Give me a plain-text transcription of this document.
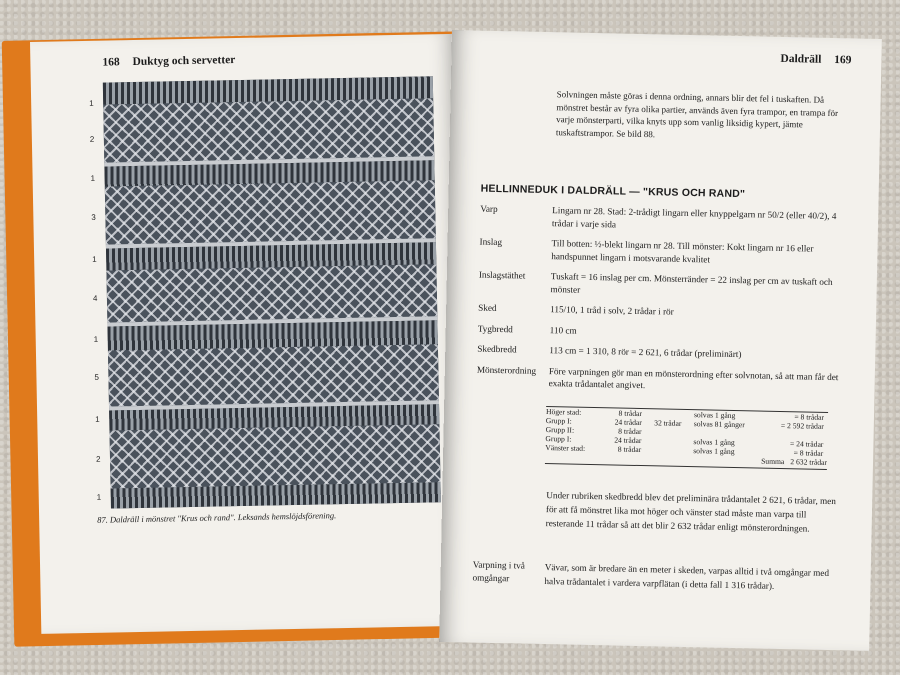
168 Duktyg och servetter
1
2
1
3
1
4
1
5
1
2
1
87. Daldräll i mönstret "Krus och rand". Leksands hemslöjdsförening.
Daldräll 169
Solvningen måste göras i denna ordning, annars blir det fel i tuskaften. Då mönstret består av fyra olika partier, används även fyra trampor, en trampa för varje mönsterparti, vilka knyts upp som vanlig liksidig kypert, jämte tuskaftstrampor. Se bild 88.
HELLINNEDUK I DALDRÄLL — "KRUS OCH RAND"
Varp	Lingarn nr 28. Stad: 2-trådigt lingarn eller knyppelgarn nr 50/2 (eller 40/2), 4 trådar i varje sida
Inslag	Till botten: ½-blekt lingarn nr 28. Till mönster: Kokt lingarn nr 16 eller handspunnet lingarn i motsvarande kvalitet
Inslagstäthet	Tuskaft = 16 inslag per cm. Mönsterränder = 22 inslag per cm av tuskaft och mönster
Sked	115/10, 1 tråd i solv, 2 trådar i rör
Tygbredd	110 cm
Skedbredd	113 cm = 1 310, 8 rör = 2 621, 6 trådar (preliminärt)
Mönsterordning	Före varpningen gör man en mönsterordning efter solvnotan, så att man får det exakta trådantalet angivet.
Höger stad:	8 trådar	solvas 1 gång	= 8 trådar
Grupp I:	24 trådar	32 trådar	solvas 81 gånger	= 2 592 trådar
Grupp II:	8 trådar
Grupp I:	24 trådar	solvas 1 gång	= 24 trådar
Vänster stad:	8 trådar	solvas 1 gång	= 8 trådar
Summa 2 632 trådar
Under rubriken skedbredd blev det preliminära trådantalet 2 621, 6 trådar, men för att få mönstret lika mot höger och vänster stad måste man varpa till resterande 11 trådar så att det blir 2 632 trådar enligt mönsterordningen.
Varpning i två omgångar	Vävar, som är bredare än en meter i skeden, varpas alltid i två omgångar med halva trådantalet i vardera varpflätan (i detta fall 1 316 trådar).
